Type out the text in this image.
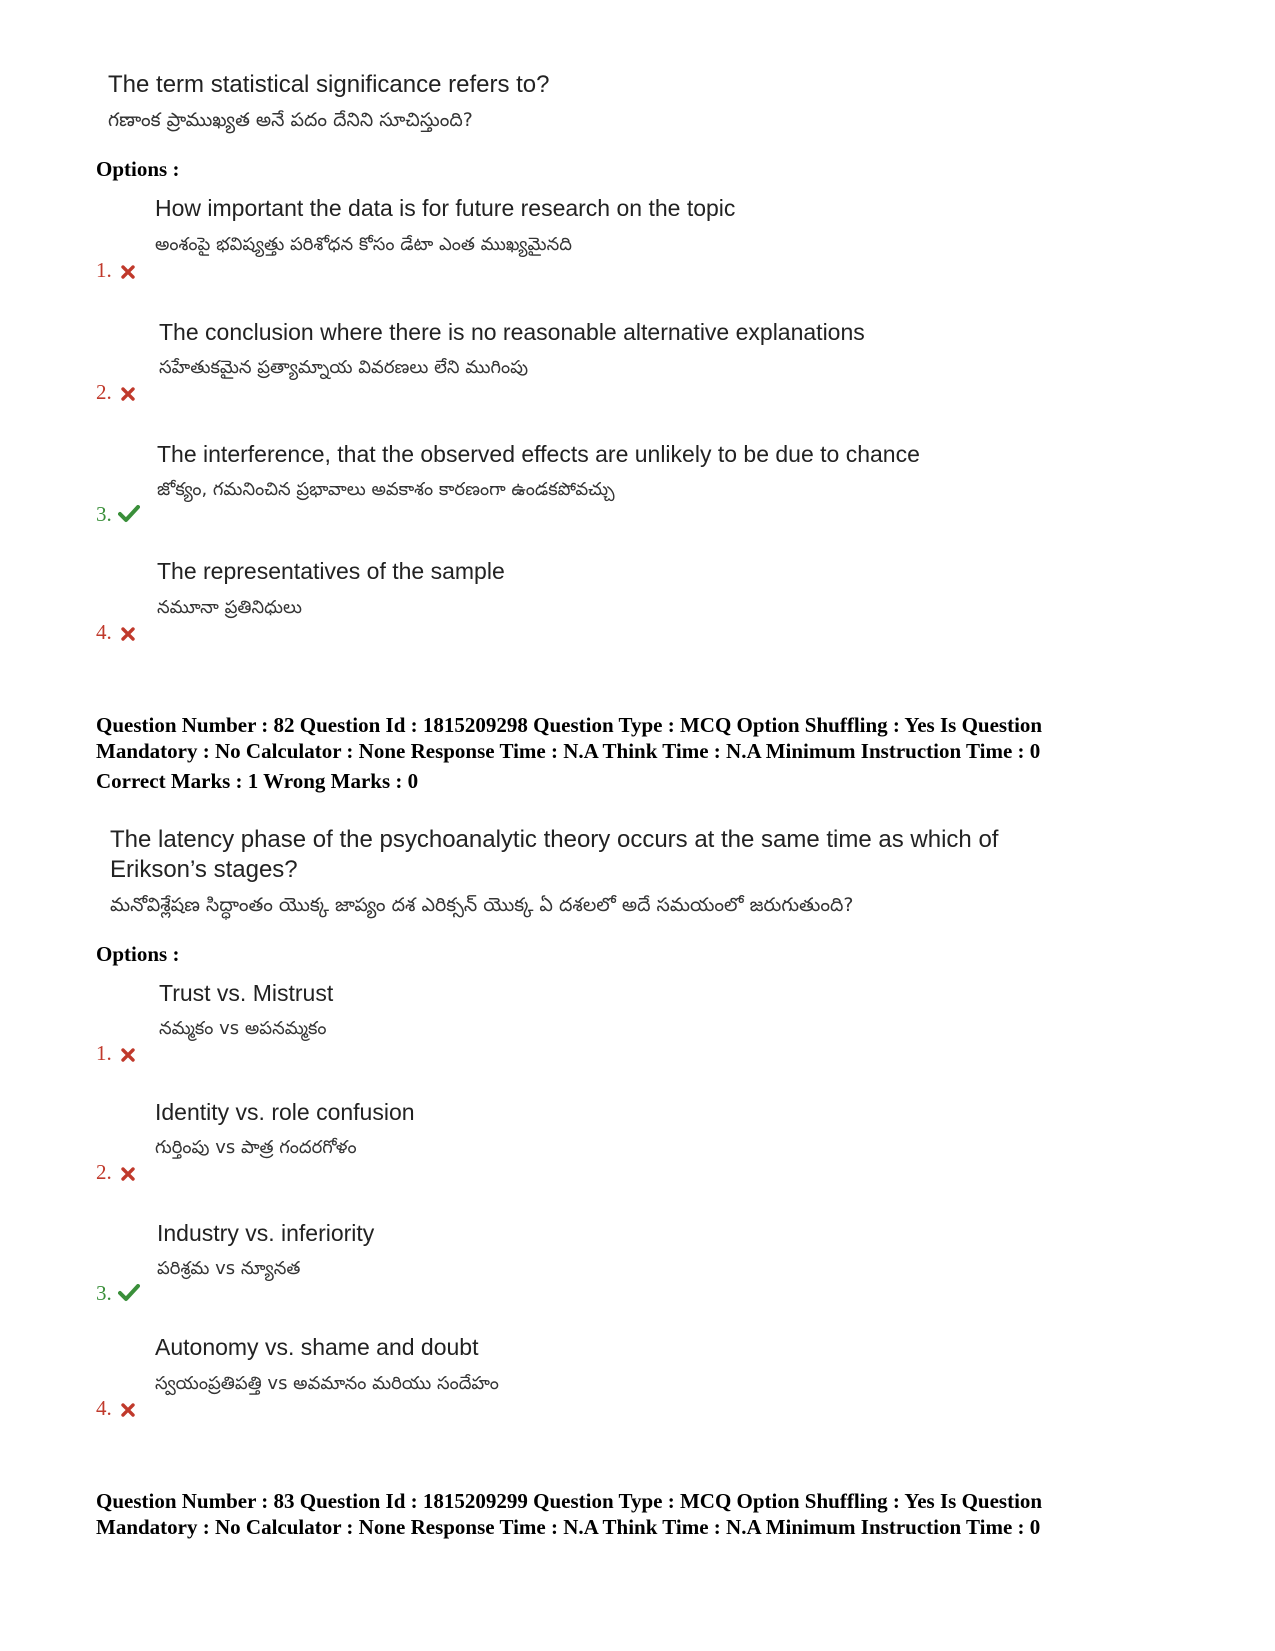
The term statistical significance refers to?
గణాంక ప్రాముఖ్యత అనే పదం దేనిని సూచిస్తుంది?
Options :
How important the data is for future research on the topic
అంశంపై భవిష్యత్తు పరిశోధన కోసం డేటా ఎంత ముఖ్యమైనది
1.
The conclusion where there is no reasonable alternative explanations
సహేతుకమైన ప్రత్యామ్నాయ వివరణలు లేని ముగింపు
2.
The interference, that the observed effects are unlikely to be due to chance
జోక్యం, గమనించిన ప్రభావాలు అవకాశం కారణంగా ఉండకపోవచ్చు
3.
The representatives of the sample
నమూనా ప్రతినిధులు
4.
Question Number : 82 Question Id : 1815209298 Question Type : MCQ Option Shuffling : Yes Is Question
Mandatory : No Calculator : None Response Time : N.A Think Time : N.A Minimum Instruction Time : 0
Correct Marks : 1 Wrong Marks : 0
The latency phase of the psychoanalytic theory occurs at the same time as which of
Erikson’s stages?
మనోవిశ్లేషణ సిద్ధాంతం యొక్క జాప్యం దశ ఎరిక్సన్ యొక్క ఏ దశలలో అదే సమయంలో జరుగుతుంది?
Options :
Trust vs. Mistrust
నమ్మకం vs అపనమ్మకం
1.
Identity vs. role confusion
గుర్తింపు vs పాత్ర గందరగోళం
2.
Industry vs. inferiority
పరిశ్రమ vs న్యూనత
3.
Autonomy vs. shame and doubt
స్వయంప్రతిపత్తి vs అవమానం మరియు సందేహం
4.
Question Number : 83 Question Id : 1815209299 Question Type : MCQ Option Shuffling : Yes Is Question
Mandatory : No Calculator : None Response Time : N.A Think Time : N.A Minimum Instruction Time : 0
